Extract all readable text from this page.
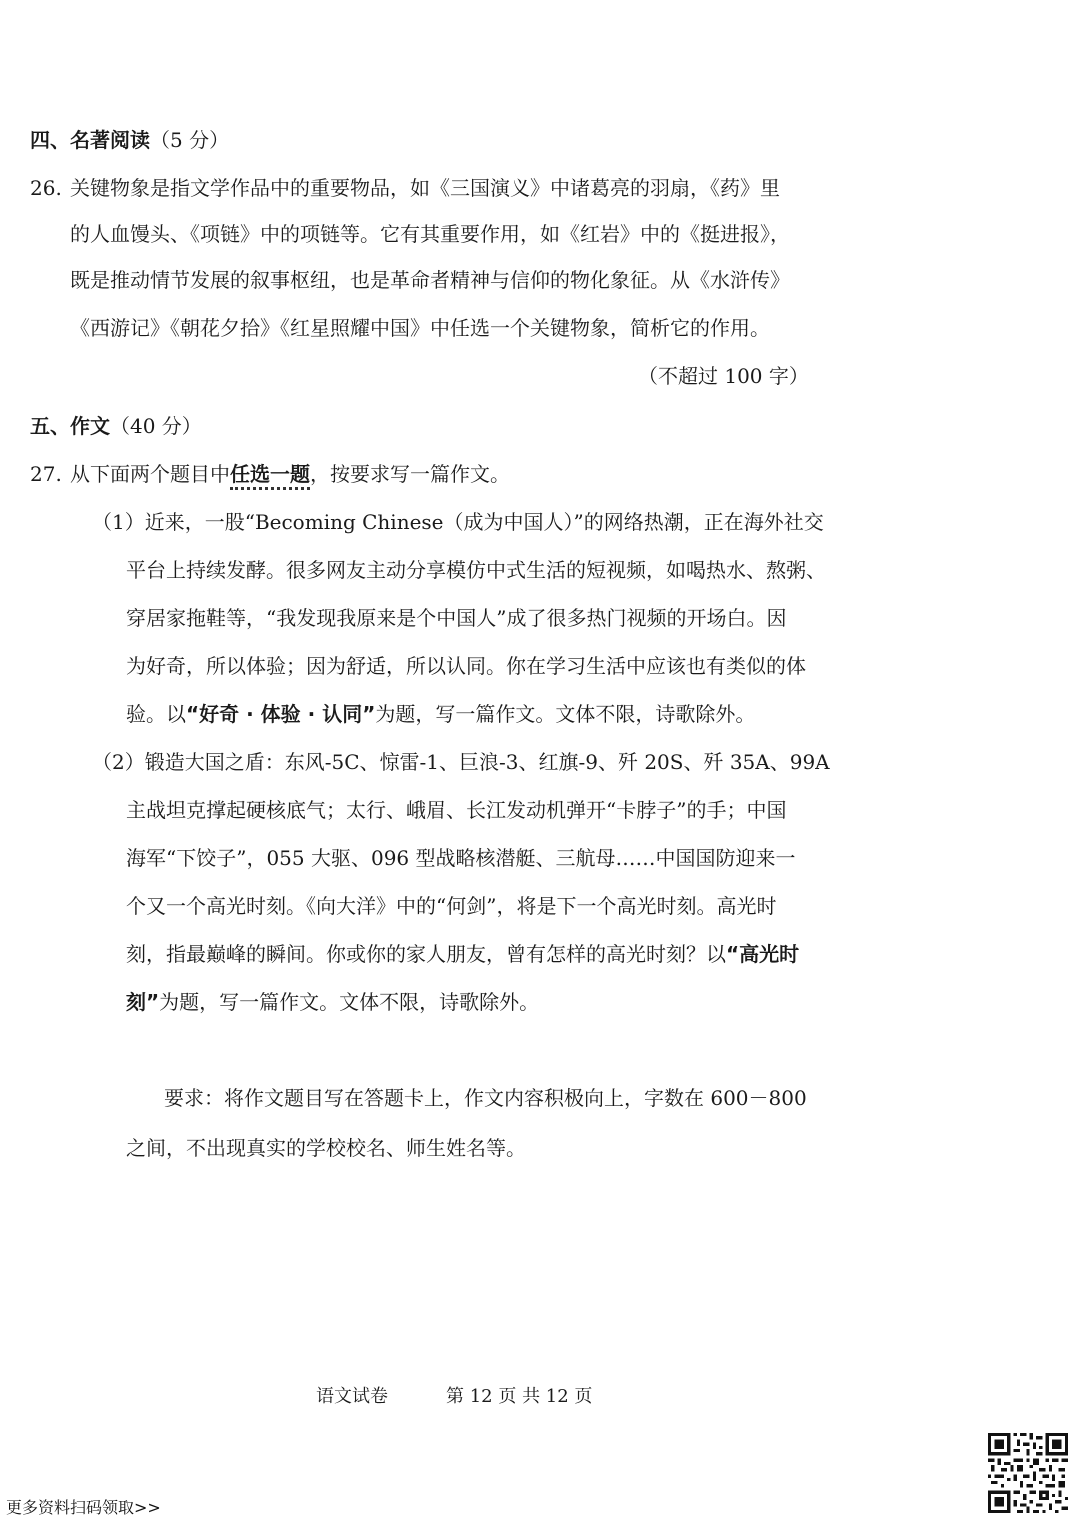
四、名著阅读（5 分）
26. 关键物象是指文学作品中的重要物品，如《三国演义》中诸葛亮的羽扇，《药》里
的人血馒头、《项链》中的项链等。它有其重要作用，如《红岩》中的《挺进报》，
既是推动情节发展的叙事枢纽，也是革命者精神与信仰的物化象征。从《水浒传》
《西游记》《朝花夕拾》《红星照耀中国》中任选一个关键物象，简析它的作用。
（不超过 100 字）
五、作文（40 分）
27. 从下面两个题目中任选一题，按要求写一篇作文。
（1）近来，一股“Becoming Chinese（成为中国人）”的网络热潮，正在海外社交
平台上持续发酵。很多网友主动分享模仿中式生活的短视频，如喝热水、熬粥、
穿居家拖鞋等，“我发现我原来是个中国人”成了很多热门视频的开场白。因
为好奇，所以体验；因为舒适，所以认同。你在学习生活中应该也有类似的体
验。以“好奇 · 体验 · 认同”为题，写一篇作文。文体不限，诗歌除外。
（2）锻造大国之盾：东风-5C、惊雷-1、巨浪-3、红旗-9、歼 20S、歼 35A、99A
主战坦克撑起硬核底气；太行、峨眉、长江发动机弹开“卡脖子”的手；中国
海军“下饺子”，055 大驱、096 型战略核潜艇、三航母……中国国防迎来一
个又一个高光时刻。《向大洋》中的“何剑”，将是下一个高光时刻。高光时
刻，指最巅峰的瞬间。你或你的家人朋友，曾有怎样的高光时刻？以“高光时
刻”为题，写一篇作文。文体不限，诗歌除外。
要求：将作文题目写在答题卡上，作文内容积极向上，字数在 600－800
之间，不出现真实的学校校名、师生姓名等。
语文试卷	第 12 页 共 12 页
更多资料扫码领取>>
